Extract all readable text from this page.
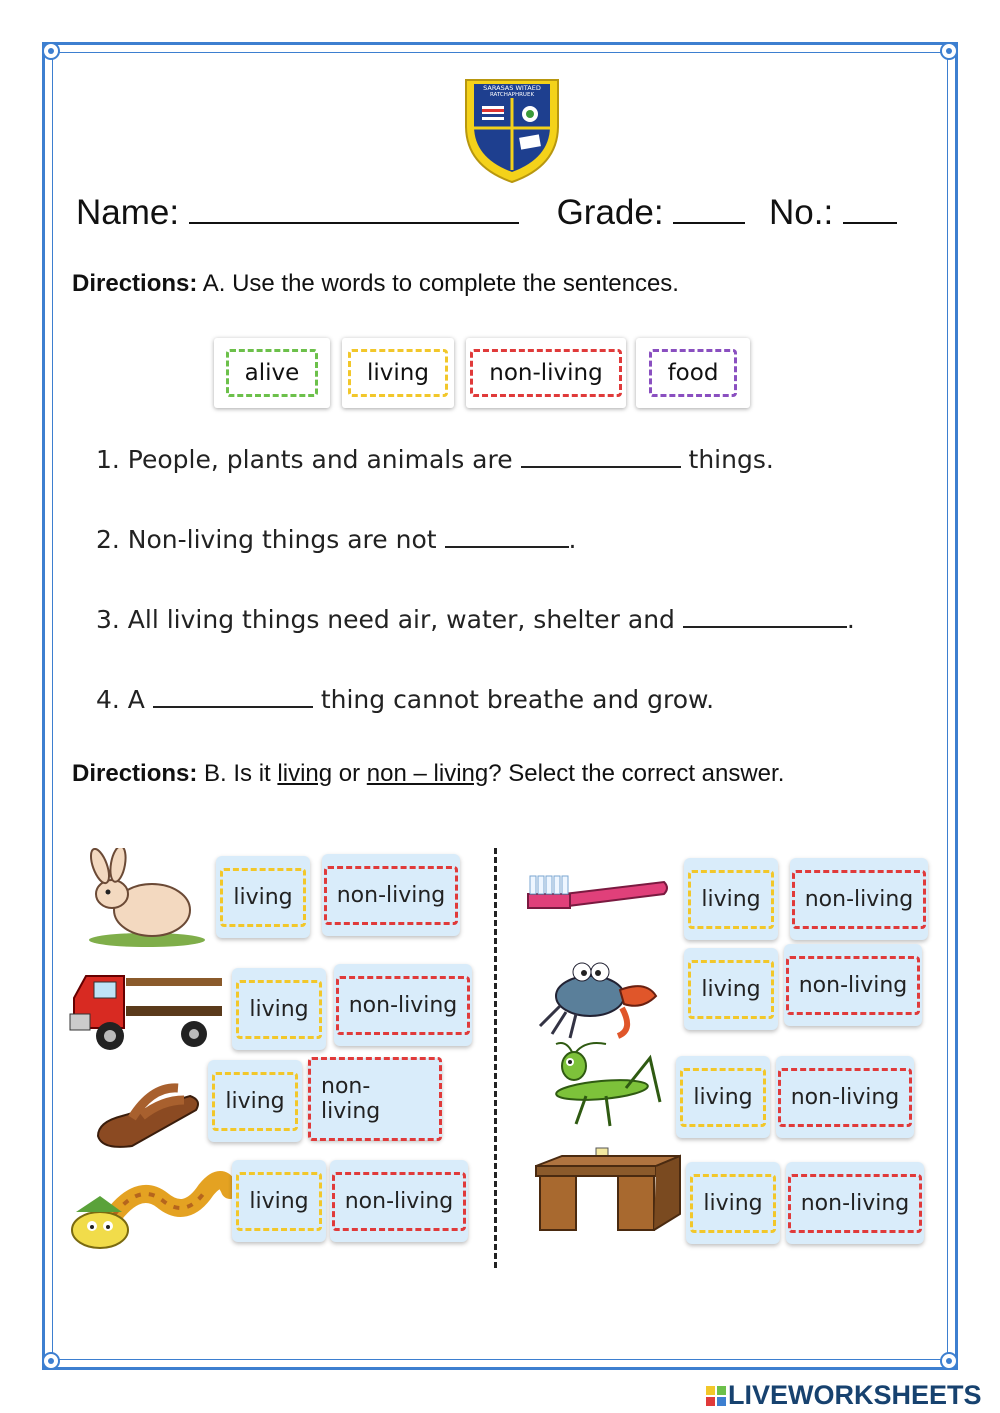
SARASAS WITAED
RATCHAPHRUEK
Name:	Grade:	No.:
Directions: A. Use the words to complete the sentences.
alive	living	non-living	food
1. People, plants and animals are	things.
2. Non-living things are not	.
3. All living things need air, water, shelter and	.
4. A	thing cannot breathe and grow.
Directions: B. Is it living or non – living? Select the correct answer.
living	non-living
living	non-living
living
non-living
living	non-living
living	non-living
living	non-living
living	non-living
living	non-living
LIVEWORKSHEETS
